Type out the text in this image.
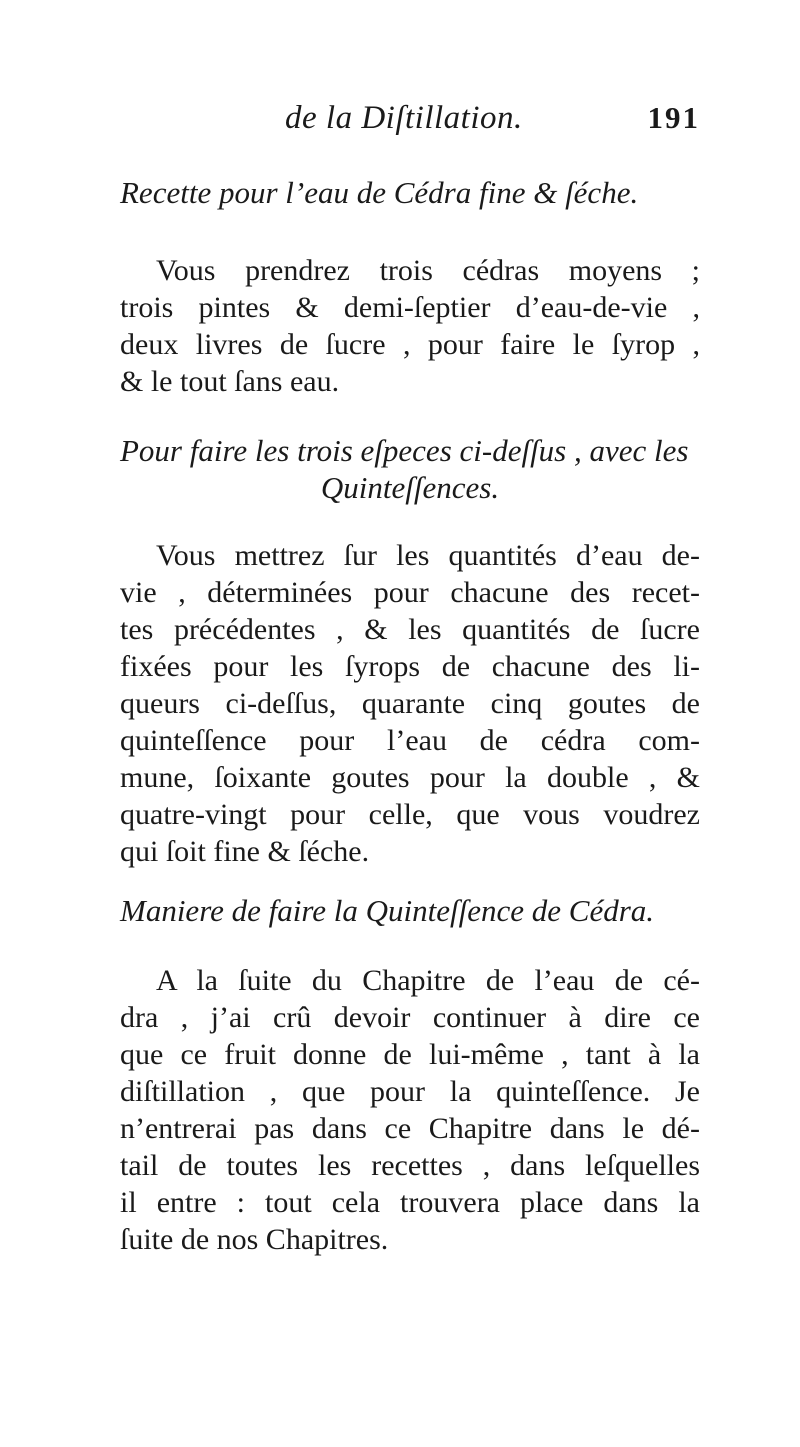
de la Diſtillation.	191
Recette pour l’eau de Cédra fine & ſéche.
Vous prendrez trois cédras moyens ;
trois pintes & demi-ſeptier d’eau-de-vie ,
deux livres de ſucre , pour faire le ſyrop ,
& le tout ſans eau.
Pour faire les trois eſpeces ci-deſſus , avec les
Quinteſſences.
Vous mettrez ſur les quantités d’eau de-
vie , déterminées pour chacune des recet-
tes précédentes , & les quantités de ſucre
fixées pour les ſyrops de chacune des li-
queurs ci-deſſus, quarante cinq goutes de
quinteſſence pour l’eau de cédra com-
mune, ſoixante goutes pour la double , &
quatre-vingt pour celle, que vous voudrez
qui ſoit fine & ſéche.
Maniere de faire la Quinteſſence de Cédra.
A la ſuite du Chapitre de l’eau de cé-
dra , j’ai crû devoir continuer à dire ce
que ce fruit donne de lui-même , tant à la
diſtillation , que pour la quinteſſence. Je
n’entrerai pas dans ce Chapitre dans le dé-
tail de toutes les recettes , dans leſquelles
il entre : tout cela trouvera place dans la
ſuite de nos Chapitres.
